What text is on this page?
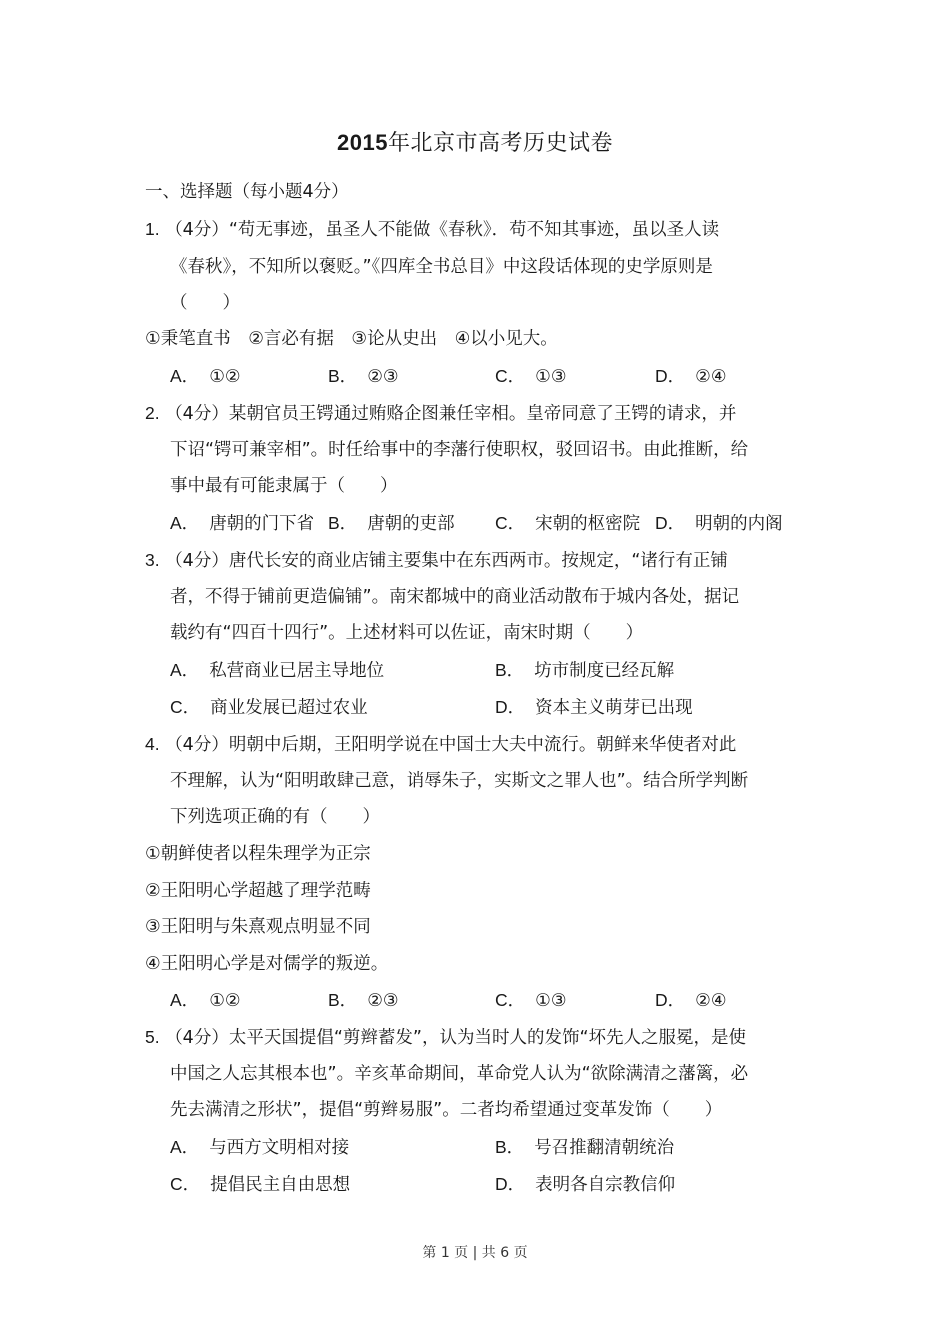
2015年北京市高考历史试卷
一、选择题（每小题4分）
1. （4分）“苟无事迹，虽圣人不能做《春秋》．苟不知其事迹，虽以圣人读
《春秋》，不知所以褒贬。”《四库全书总目》中这段话体现的史学原则是
（　　）
①秉笔直书　②言必有据　③论从史出　④以小见大。
A． ①②	B． ②③	C． ①③	D． ②④
2. （4分）某朝官员王锷通过贿赂企图兼任宰相。皇帝同意了王锷的请求，并
下诏“锷可兼宰相”。时任给事中的李藩行使职权，驳回诏书。由此推断，给
事中最有可能隶属于（　　）
A． 唐朝的门下省 B． 唐朝的吏部 C． 宋朝的枢密院 D． 明朝的内阁
3. （4分）唐代长安的商业店铺主要集中在东西两市。按规定，“诸行有正铺
者，不得于铺前更造偏铺”。南宋都城中的商业活动散布于城内各处，据记
载约有“四百十四行”。上述材料可以佐证，南宋时期（　　）
A． 私营商业已居主导地位	B． 坊市制度已经瓦解
C． 商业发展已超过农业	D． 资本主义萌芽已出现
4. （4分）明朝中后期，王阳明学说在中国士大夫中流行。朝鲜来华使者对此
不理解，认为“阳明敢肆己意，诮辱朱子，实斯文之罪人也”。结合所学判断
下列选项正确的有（　　）
①朝鲜使者以程朱理学为正宗
②王阳明心学超越了理学范畴
③王阳明与朱熹观点明显不同
④王阳明心学是对儒学的叛逆。
A． ①②	B． ②③	C． ①③	D． ②④
5. （4分）太平天国提倡“剪辫蓄发”，认为当时人的发饰“坏先人之服冕，是使
中国之人忘其根本也”。辛亥革命期间，革命党人认为“欲除满清之藩篱，必
先去满清之形状”，提倡“剪辫易服”。二者均希望通过变革发饰（　　）
A． 与西方文明相对接	B． 号召推翻清朝统治
C． 提倡民主自由思想	D． 表明各自宗教信仰
第 1 页 | 共 6 页
